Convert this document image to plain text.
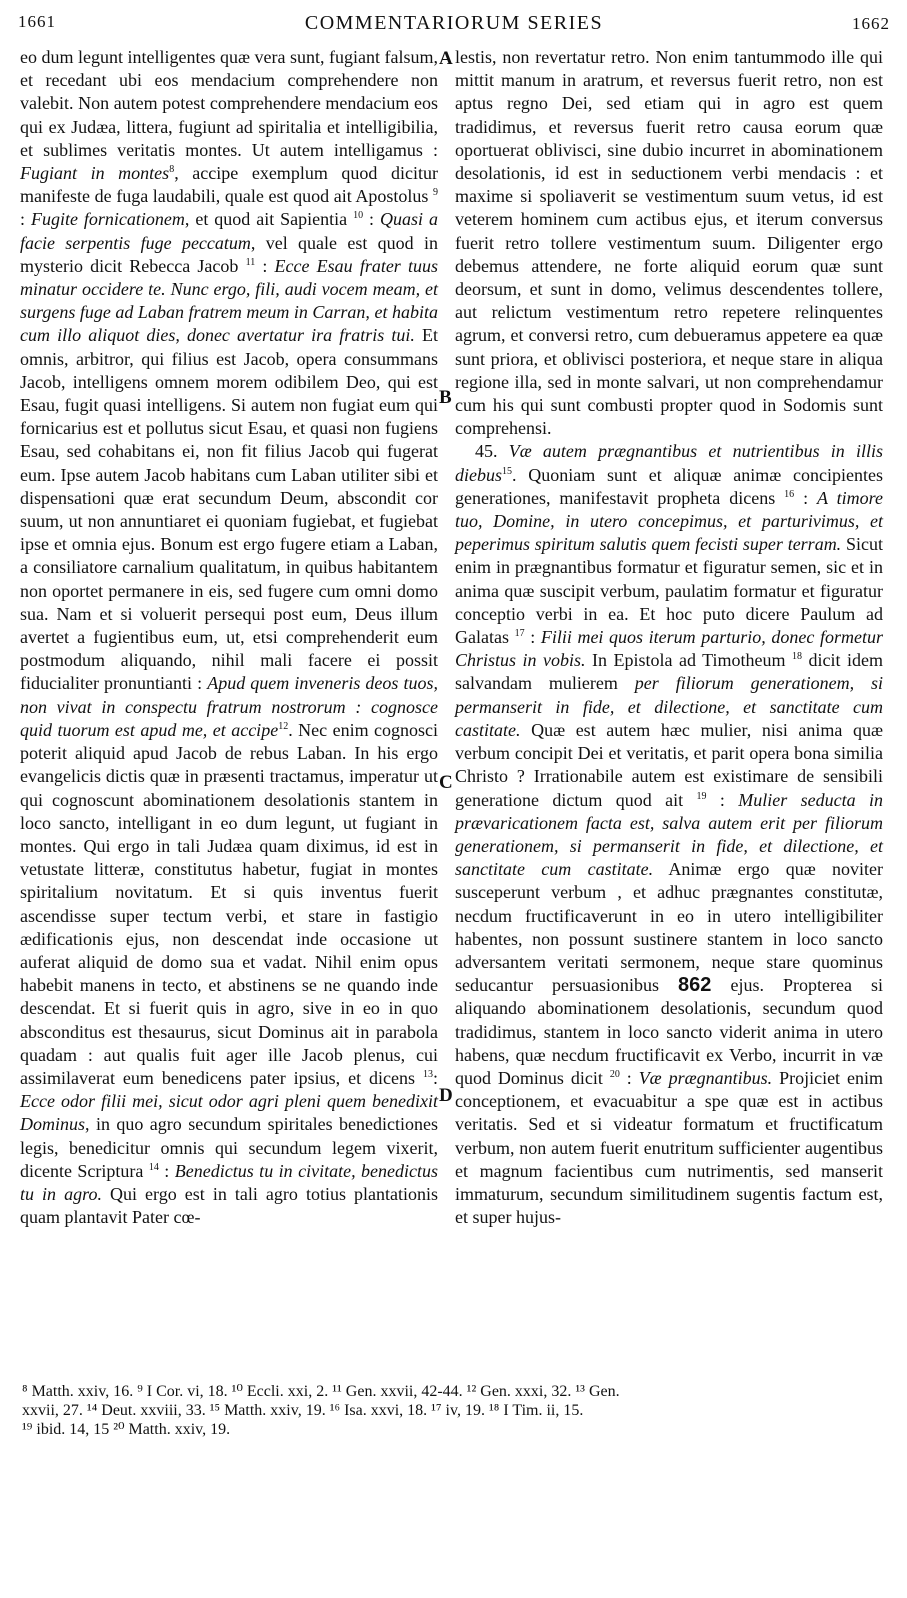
1661	COMMENTARIORUM SERIES	1662
A
B
C
D

eo dum legunt intelligentes quæ vera sunt, fugiant falsum, et recedant ubi eos mendacium comprehendere non valebit. Non autem potest comprehendere mendacium eos qui ex Judæa, littera, fugiunt ad spiritalia et intelligibilia, et sublimes veritatis montes. Ut autem intelligamus : Fugiant in montes$^8$, accipe exemplum quod dicitur manifeste de fuga laudabili, quale est quod ait Apostolus $^9$ : Fugite fornicationem, et quod ait Sapientia $^{10}$ : Quasi a facie serpentis fuge peccatum, vel quale est quod in mysterio dicit Rebecca Jacob $^{11}$ : Ecce Esau frater tuus minatur occidere te. Nunc ergo, fili, audi vocem meam, et surgens fuge ad Laban fratrem meum in Carran, et habita cum illo aliquot dies, donec avertatur ira fratris tui. Et omnis, arbitror, qui filius est Jacob, opera consummans Jacob, intelligens omnem morem odibilem Deo, qui est Esau, fugit quasi intelligens. Si autem non fugiat eum qui fornicarius est et pollutus sicut Esau, et quasi non fugiens Esau, sed cohabitans ei, non fit filius Jacob qui fugerat eum. Ipse autem Jacob habitans cum Laban utiliter sibi et dispensationi quæ erat secundum Deum, abscondit cor suum, ut non annuntiaret ei quoniam fugiebat, et fugiebat ipse et omnia ejus. Bonum est ergo fugere etiam a Laban, a consiliatore carnalium qualitatum, in quibus habitantem non oportet permanere in eis, sed fugere cum omni domo sua. Nam et si voluerit persequi post eum, Deus illum avertet a fugientibus eum, ut, etsi comprehenderit eum postmodum aliquando, nihil mali facere ei possit fiducialiter pronuntianti : Apud quem inveneris deos tuos, non vivat in conspectu fratrum nostrorum : cognosce quid tuorum est apud me, et accipe$^{12}$. Nec enim cognosci poterit aliquid apud Jacob de rebus Laban. In his ergo evangelicis dictis quæ in præsenti tractamus, imperatur ut qui cognoscunt abominationem desolationis stantem in loco sancto, intelligant in eo dum legunt, ut fugiant in montes. Qui ergo in tali Judæa quam diximus, id est in vetustate litteræ, constitutus habetur, fugiat in montes spiritalium novitatum. Et si quis inventus fuerit ascendisse super tectum verbi, et stare in fastigio ædificationis ejus, non descendat inde occasione ut auferat aliquid de domo sua et vadat. Nihil enim opus habebit manens in tecto, et abstinens se ne quando inde descendat. Et si fuerit quis in agro, sive in eo in quo absconditus est thesaurus, sicut Dominus ait in parabola quadam : aut qualis fuit ager ille Jacob plenus, cui assimilaverat eum benedicens pater ipsius, et dicens $^{13}$: Ecce odor filii mei, sicut odor agri pleni quem benedixit Dominus, in quo agro secundum spiritales benedictiones legis, benedicitur omnis qui secundum legem vixerit, dicente Scriptura $^{14}$ : Benedictus tu in civitate, benedictus tu in agro. Qui ergo est in tali agro totius plantationis quam plantavit Pater cœ-

lestis, non revertatur retro. Non enim tantummodo ille qui mittit manum in aratrum, et reversus fuerit retro, non est aptus regno Dei, sed etiam qui in agro est quem tradidimus, et reversus fuerit retro causa eorum quæ oportuerat oblivisci, sine dubio incurret in abominationem desolationis, id est in seductionem verbi mendacis : et maxime si spoliaverit se vestimentum suum vetus, id est veterem hominem cum actibus ejus, et iterum conversus fuerit retro tollere vestimentum suum. Diligenter ergo debemus attendere, ne forte aliquid eorum quæ sunt deorsum, et sunt in domo, velimus descendentes tollere, aut relictum vestimentum retro repetere relinquentes agrum, et conversi retro, cum debueramus appetere ea quæ sunt priora, et oblivisci posteriora, et neque stare in aliqua regione illa, sed in monte salvari, ut non comprehendamur cum his qui sunt combusti propter quod in Sodomis sunt comprehensi.

45. Væ autem prægnantibus et nutrientibus in illis diebus$^{15}$. Quoniam sunt et aliquæ animæ concipientes generationes, manifestavit propheta dicens $^{16}$ : A timore tuo, Domine, in utero concepimus, et parturivimus, et peperimus spiritum salutis quem fecisti super terram. Sicut enim in prægnantibus formatur et figuratur semen, sic et in anima quæ suscipit verbum, paulatim formatur et figuratur conceptio verbi in ea. Et hoc puto dicere Paulum ad Galatas $^{17}$ : Filii mei quos iterum parturio, donec formetur Christus in vobis. In Epistola ad Timotheum $^{18}$ dicit idem salvandam mulierem per filiorum generationem, si permanserit in fide, et dilectione, et sanctitate cum castitate. Quæ est autem hæc mulier, nisi anima quæ verbum concipit Dei et veritatis, et parit opera bona similia Christo ? Irrationabile autem est existimare de sensibili generatione dictum quod ait $^{19}$ : Mulier seducta in prævaricationem facta est, salva autem erit per filiorum generationem, si permanserit in fide, et dilectione, et sanctitate cum castitate. Animæ ergo quæ noviter susceperunt verbum , et adhuc prægnantes constitutæ, necdum fructificaverunt in eo in utero intelligibiliter habentes, non possunt sustinere stantem in loco sancto adversantem veritati sermonem, neque stare quominus seducantur persuasionibus 862 ejus. Propterea si aliquando abominationem desolationis, secundum quod tradidimus, stantem in loco sancto viderit anima in utero habens, quæ necdum fructificavit ex Verbo, incurrit in væ quod Dominus dicit $^{20}$ : Væ prægnantibus. Projiciet enim conceptionem, et evacuabitur a spe quæ est in actibus veritatis. Sed et si videatur formatum et fructificatum verbum, non autem fuerit enutritum sufficienter augentibus et magnum facientibus cum nutrimentis, sed manserit immaturum, secundum similitudinem sugentis factum est, et super hujus-

⁸ Matth. xxiv, 16. ⁹ I Cor. vi, 18. ¹⁰ Eccli. xxi, 2. ¹¹ Gen. xxvii, 42-44. ¹² Gen. xxxi, 32. ¹³ Gen.
xxvii, 27. ¹⁴ Deut. xxviii, 33. ¹⁵ Matth. xxiv, 19. ¹⁶ Isa. xxvi, 18. ¹⁷ iv, 19. ¹⁸ I Tim. ii, 15.
¹⁹ ibid. 14, 15 ²⁰ Matth. xxiv, 19.
